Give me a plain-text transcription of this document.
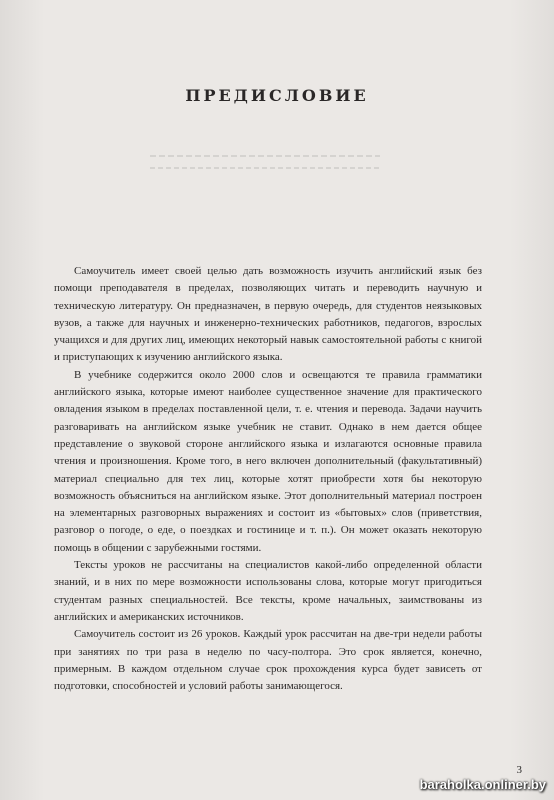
ПРЕДИСЛОВИЕ

Самоучитель имеет своей целью дать возможность изучить английский язык без помощи преподавателя в пределах, позволяющих читать и переводить научную и техническую литературу. Он предназначен, в первую очередь, для студентов неязыковых вузов, а также для научных и инженерно-технических работников, педагогов, взрослых учащихся и для других лиц, имеющих некоторый навык самостоятельной работы с книгой и приступающих к изучению английского языка.

В учебнике содержится около 2000 слов и освещаются те правила грамматики английского языка, которые имеют наиболее существенное значение для практического овладения языком в пределах поставленной цели, т. е. чтения и перевода. Задачи научить разговаривать на английском языке учебник не ставит. Однако в нем дается общее представление о звуковой стороне английского языка и излагаются основные правила чтения и произношения. Кроме того, в него включен дополнительный (факультативный) материал специально для тех лиц, которые хотят приобрести хотя бы некоторую возможность объясниться на английском языке. Этот дополнительный материал построен на элементарных разговорных выражениях и состоит из «бытовых» слов (приветствия, разговор о погоде, о еде, о поездках и гостинице и т. п.). Он может оказать некоторую помощь в общении с зарубежными гостями.

Тексты уроков не рассчитаны на специалистов какой-либо определенной области знаний, и в них по мере возможности использованы слова, которые могут пригодиться студентам разных специальностей. Все тексты, кроме начальных, заимствованы из английских и американских источников.

Самоучитель состоит из 26 уроков. Каждый урок рассчитан на две-три недели работы при занятиях по три раза в неделю по часу-полтора. Это срок является, конечно, примерным. В каждом отдельном случае срок прохождения курса будет зависеть от подготовки, способностей и условий работы занимающегося.

3
baraholka.onliner.by
